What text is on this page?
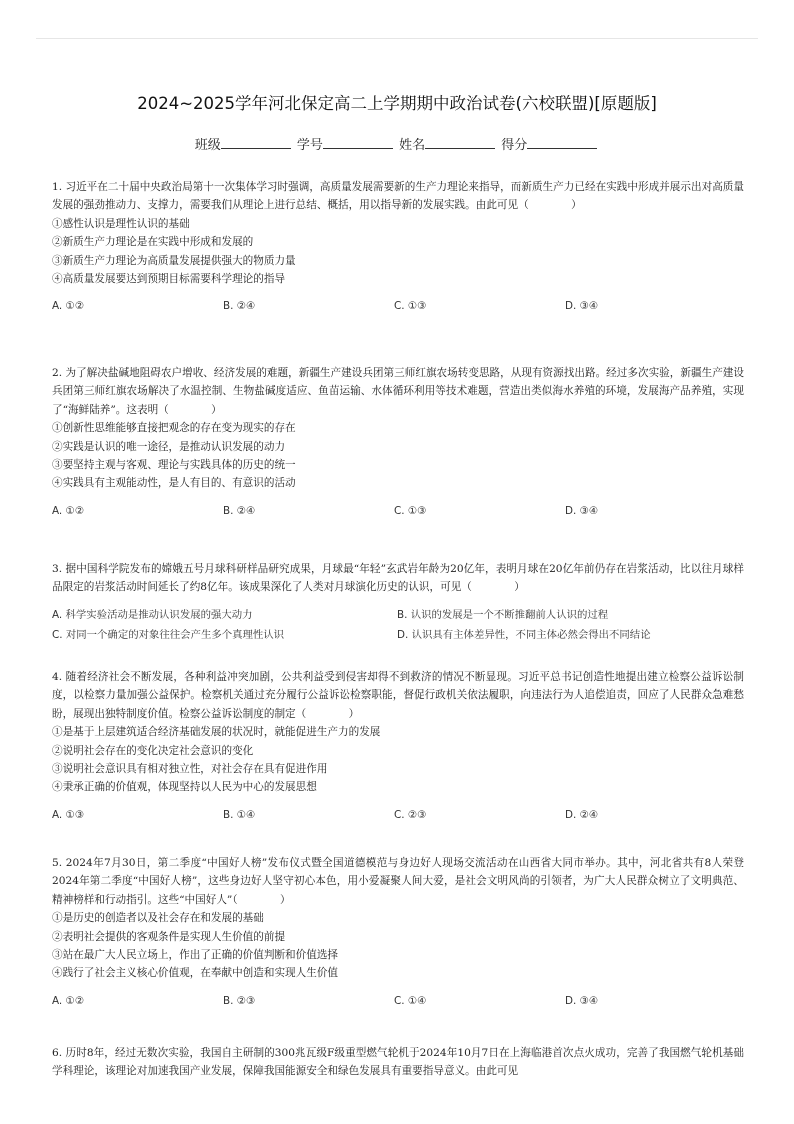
2024~2025学年河北保定高二上学期期中政治试卷(六校联盟)[原题版]
班级	学号	姓名	得分

1. 习近平在二十届中央政治局第十一次集体学习时强调，高质量发展需要新的生产力理论来指导，而新质生产力已经在实践中形成并展示出对高质量发展的强劲推动力、支撑力，需要我们从理论上进行总结、概括，用以指导新的发展实践。由此可见（　　　　）

①感性认识是理性认识的基础

②新质生产力理论是在实践中形成和发展的

③新质生产力理论为高质量发展提供强大的物质力量

④高质量发展要达到预期目标需要科学理论的指导

A. ①②	B. ②④	C. ①③	D. ③④

2. 为了解决盐碱地阻碍农户增收、经济发展的难题，新疆生产建设兵团第三师红旗农场转变思路，从现有资源找出路。经过多次实验，新疆生产建设兵团第三师红旗农场解决了水温控制、生物盐碱度适应、鱼苗运输、水体循环利用等技术难题，营造出类似海水养殖的环境，发展海产品养殖，实现了“海鲜陆养”。这表明（　　　　）

①创新性思维能够直接把观念的存在变为现实的存在

②实践是认识的唯一途径，是推动认识发展的动力

③要坚持主观与客观、理论与实践具体的历史的统一

④实践具有主观能动性，是人有目的、有意识的活动

A. ①②	B. ②④	C. ①③	D. ③④

3. 据中国科学院发布的嫦娥五号月球科研样品研究成果，月球最“年轻”玄武岩年龄为20亿年，表明月球在20亿年前仍存在岩浆活动，比以往月球样品限定的岩浆活动时间延长了约8亿年。该成果深化了人类对月球演化历史的认识，可见（　　　　）

A. 科学实验活动是推动认识发展的强大动力	B. 认识的发展是一个不断推翻前人认识的过程
C. 对同一个确定的对象往往会产生多个真理性认识	D. 认识具有主体差异性，不同主体必然会得出不同结论

4. 随着经济社会不断发展，各种利益冲突加剧，公共利益受到侵害却得不到救济的情况不断显现。习近平总书记创造性地提出建立检察公益诉讼制度，以检察力量加强公益保护。检察机关通过充分履行公益诉讼检察职能，督促行政机关依法履职，向违法行为人追偿追责，回应了人民群众急难愁盼，展现出独特制度价值。检察公益诉讼制度的制定（　　　　）

①是基于上层建筑适合经济基础发展的状况时，就能促进生产力的发展

②说明社会存在的变化决定社会意识的变化

③说明社会意识具有相对独立性，对社会存在具有促进作用

④秉承正确的价值观，体现坚持以人民为中心的发展思想

A. ①③	B. ①④	C. ②③	D. ②④

5. 2024年7月30日，第二季度“中国好人榜”发布仪式暨全国道德模范与身边好人现场交流活动在山西省大同市举办。其中，河北省共有8人荣登2024年第二季度“中国好人榜”，这些身边好人坚守初心本色，用小爱凝聚人间大爱，是社会文明风尚的引领者，为广大人民群众树立了文明典范、精神榜样和行动指引。这些“中国好人”（　　　　）

①是历史的创造者以及社会存在和发展的基础

②表明社会提供的客观条件是实现人生价值的前提

③站在最广大人民立场上，作出了正确的价值判断和价值选择

④践行了社会主义核心价值观，在奉献中创造和实现人生价值

A. ①②	B. ②③	C. ①④	D. ③④

6. 历时8年，经过无数次实验，我国自主研制的300兆瓦级F级重型燃气轮机于2024年10月7日在上海临港首次点火成功，完善了我国燃气轮机基础学科理论，该理论对加速我国产业发展，保障我国能源安全和绿色发展具有重要指导意义。由此可见
